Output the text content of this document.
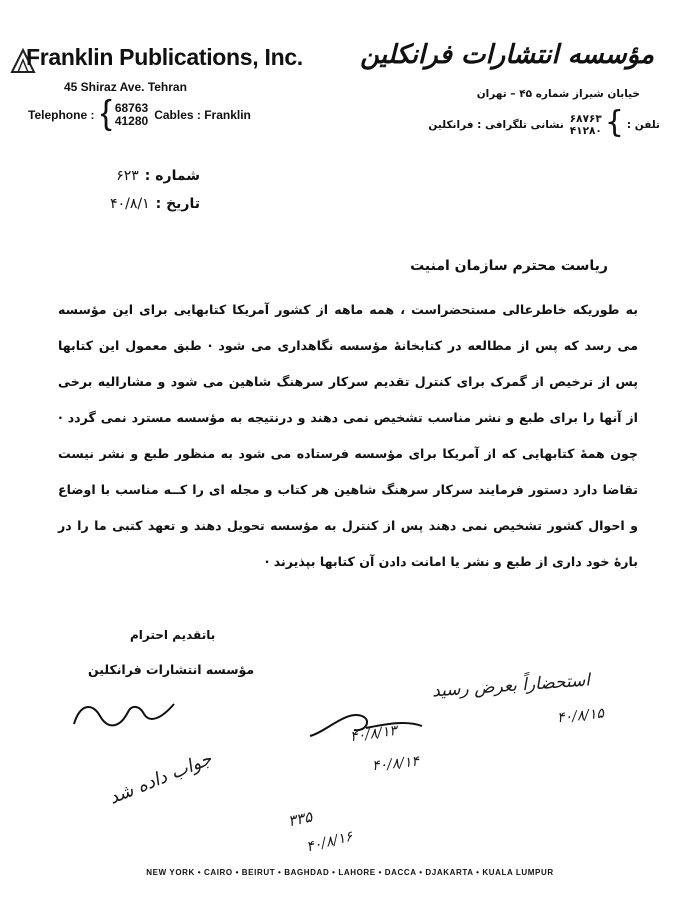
Franklin Publications, Inc.
45 Shiraz Ave. Tehran
Telephone : { 68763
41280 Cables : Franklin
مؤسسه انتشارات فرانکلین
خیابان شیراز شماره ۴۵ – تهران
تلفن :
}
۶۸۷۶۳
۴۱۲۸۰
نشانی تلگرافی : فرانکلین
شماره :
۶۲۳
تاریخ :
۴۰/۸/۱
ریاست محترم سازمان امنیت

به طوریکه خاطرعالی مستحضراست ، همه ماهه از کشور آمریکا کتابهایی برای این مؤسسه می رسد که پس از مطالعه در کتابخانهٔ مؤسسه نگاهداری می شود · طبق معمول این کتابها پس از ترخیص از گمرک برای کنترل تقدیم سرکار سرهنگ شاهین می شود و مشارالیه برخی از آنها را برای طبع و نشر مناسب تشخیص نمی دهند و درنتیجه به مؤسسه مسترد نمی گردد · چون همهٔ کتابهایی که از آمریکا برای مؤسسه فرستاده می شود به منظور طبع و نشر نیست تقاضا دارد دستور فرمایند سرکار سرهنگ شاهین هر کتاب و مجله ای را کــه مناسب با اوضاع و احوال کشور تشخیص نمی دهند پس از کنترل به مؤسسه تحویل دهند و تعهد کتبی ما را در بارهٔ خود داری از طبع و نشر یا امانت دادن آن کتابها بپذیرند ·

باتقدیم احترام
مؤسسه انتشارات فرانکلین
استحضاراً بعرض رسید
۴۰/۸/۱۵
۴۰/۸/۱۳
۴۰/۸/۱۴
جواب داده شد
۳۳۵
۴۰/۸/۱۶
NEW YORK • CAIRO • BEIRUT • BAGHDAD • LAHORE • DACCA • DJAKARTA • KUALA LUMPUR
